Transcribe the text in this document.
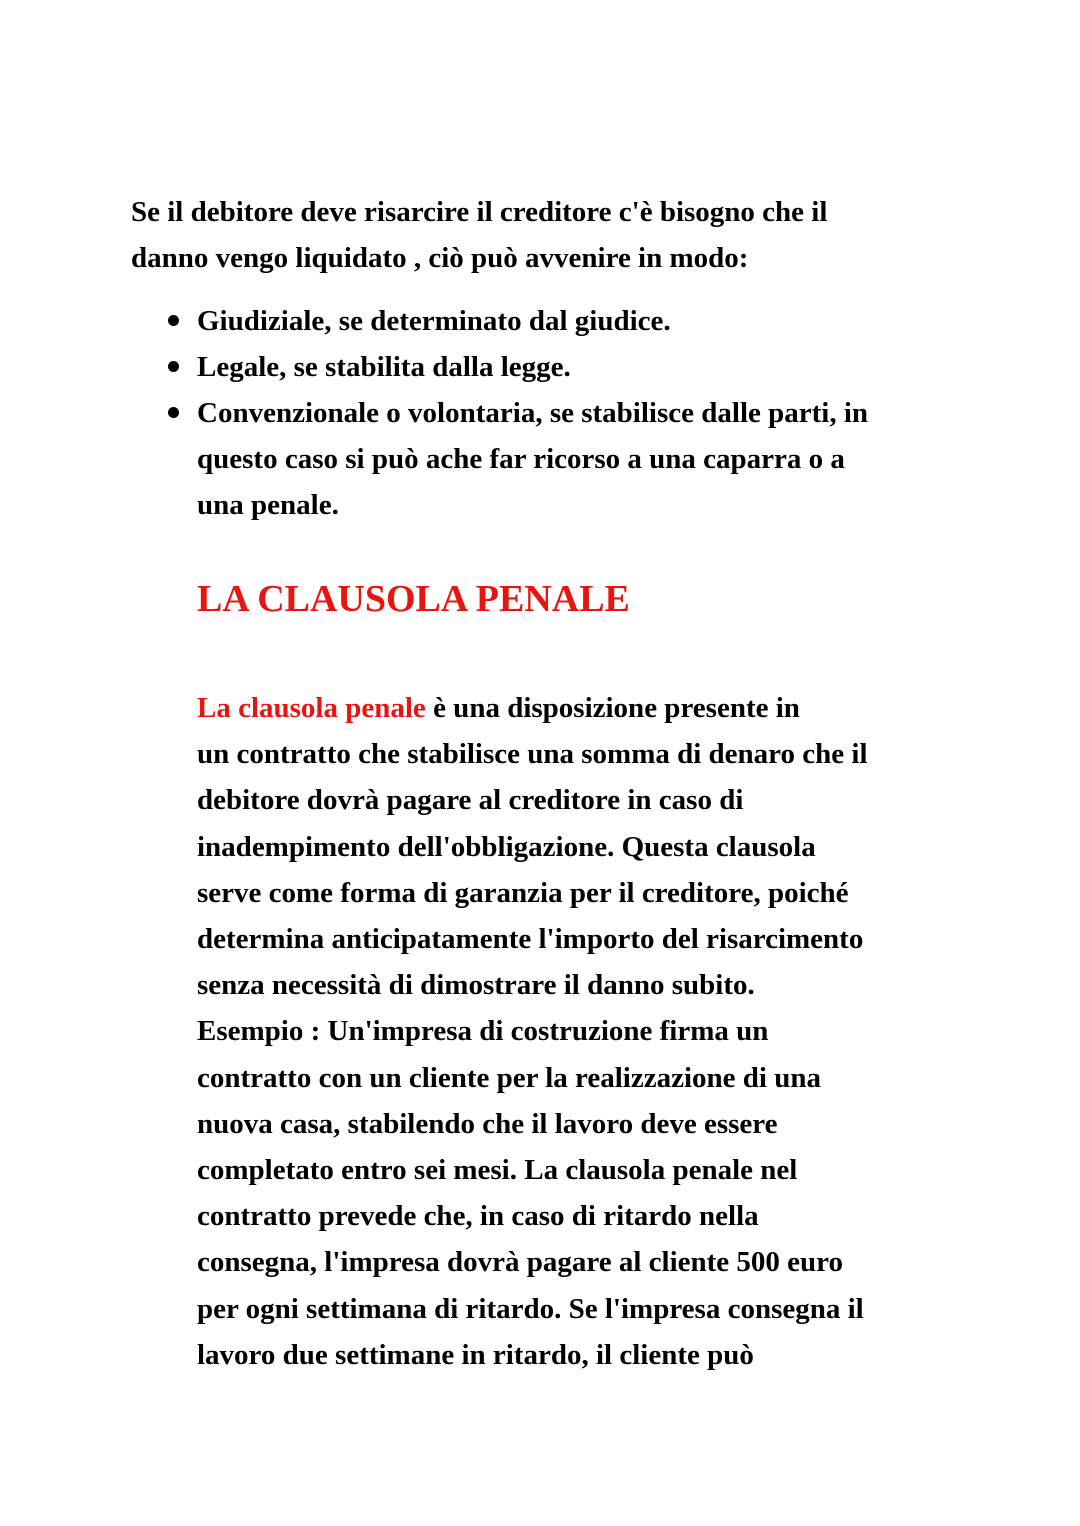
Se il debitore deve risarcire il creditore c'è bisogno che il
danno vengo liquidato , ciò può avvenire in modo:

Giudiziale, se determinato dal giudice.
Legale, se stabilita dalla legge.
Convenzionale o volontaria, se stabilisce dalle parti, in
questo caso si può ache far ricorso a una caparra o a
una penale.
LA CLAUSOLA PENALE

La clausola penale è una disposizione presente in
un contratto che stabilisce una somma di denaro che il
debitore dovrà pagare al creditore in caso di
inadempimento dell'obbligazione. Questa clausola
serve come forma di garanzia per il creditore, poiché
determina anticipatamente l'importo del risarcimento
senza necessità di dimostrare il danno subito.
Esempio : Un'impresa di costruzione firma un
contratto con un cliente per la realizzazione di una
nuova casa, stabilendo che il lavoro deve essere
completato entro sei mesi. La clausola penale nel
contratto prevede che, in caso di ritardo nella
consegna, l'impresa dovrà pagare al cliente 500 euro
per ogni settimana di ritardo. Se l'impresa consegna il
lavoro due settimane in ritardo, il cliente può
